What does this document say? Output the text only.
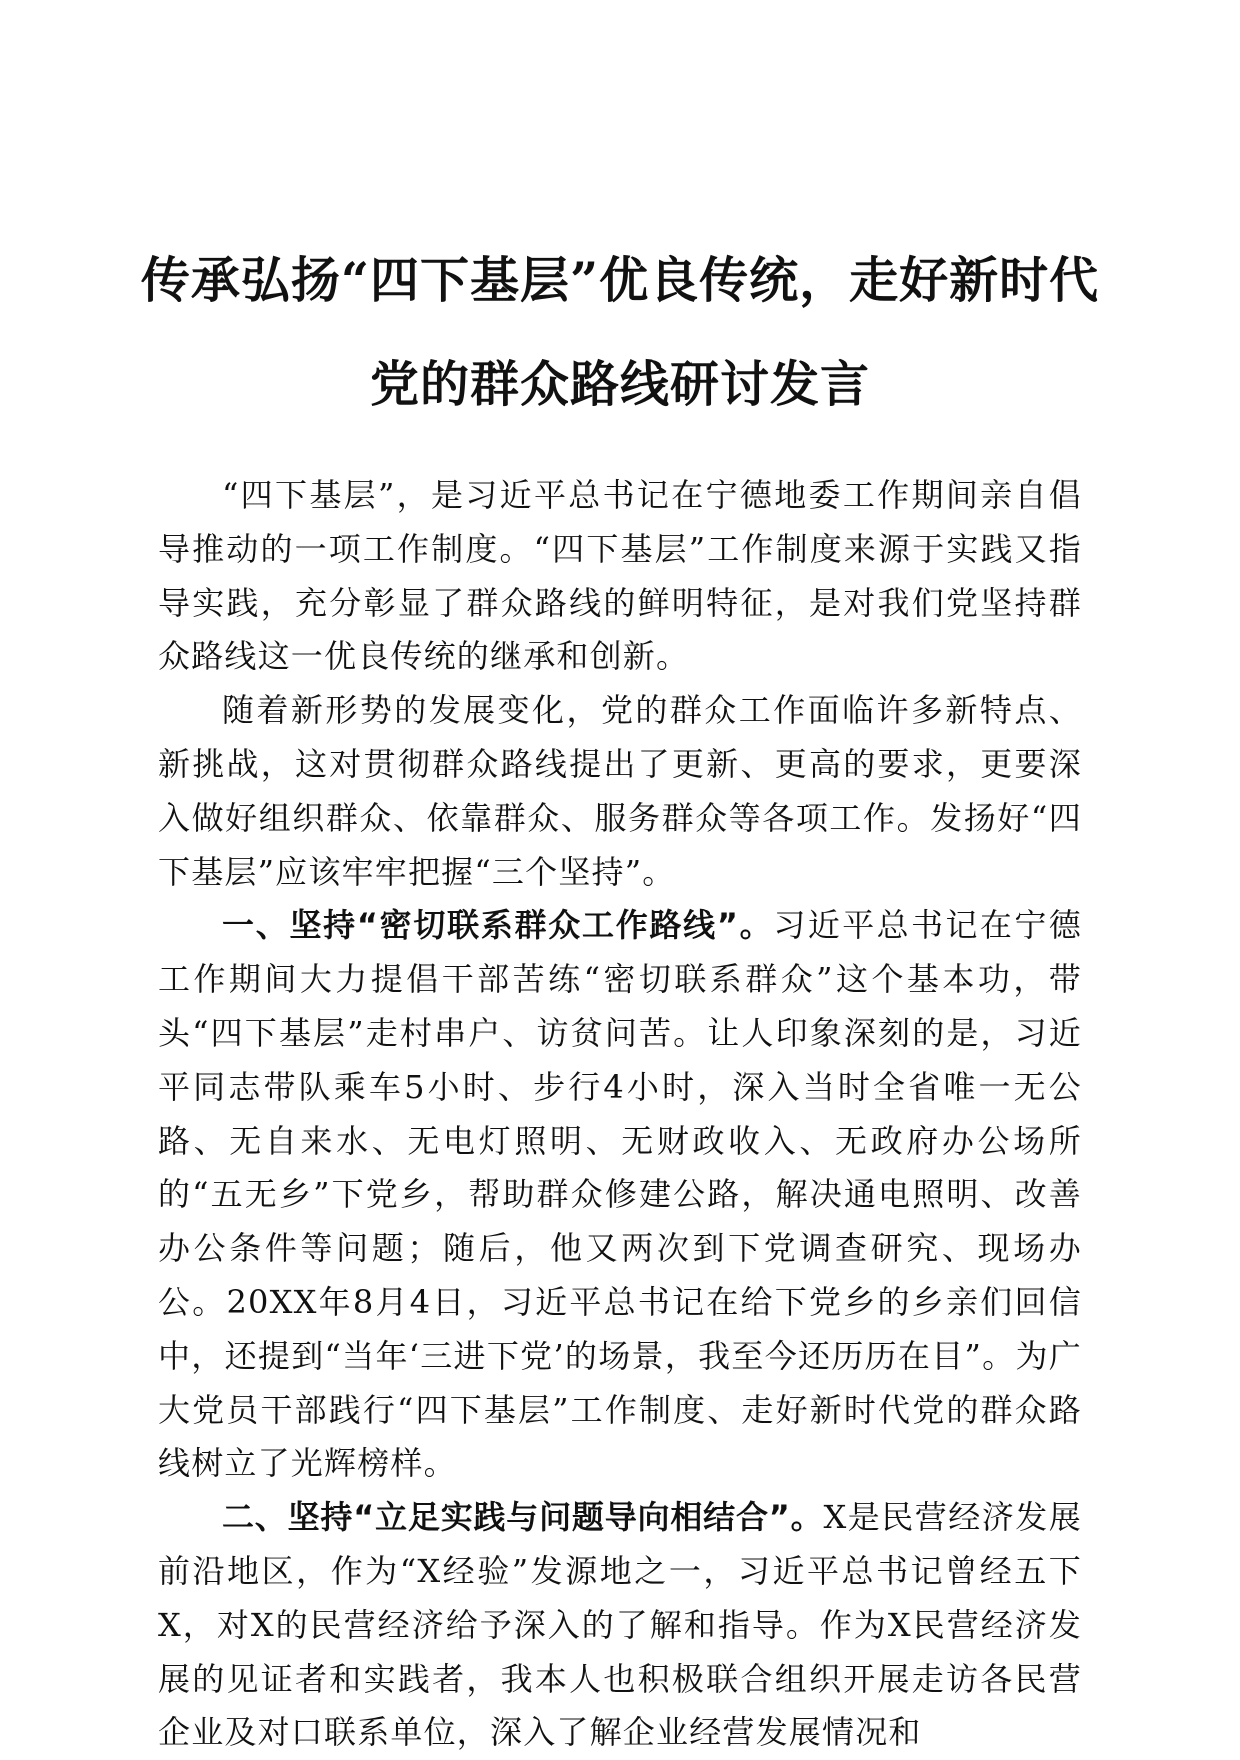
传承弘扬“四下基层”优良传统，走好新时代
党的群众路线研讨发言

“四下基层”，是习近平总书记在宁德地委工作期间亲自倡导推动的一项工作制度。“四下基层”工作制度来源于实践又指导实践，充分彰显了群众路线的鲜明特征，是对我们党坚持群众路线这一优良传统的继承和创新。

随着新形势的发展变化，党的群众工作面临许多新特点、新挑战，这对贯彻群众路线提出了更新、更高的要求，更要深入做好组织群众、依靠群众、服务群众等各项工作。发扬好“四下基层”应该牢牢把握“三个坚持”。

一、坚持“密切联系群众工作路线”。习近平总书记在宁德工作期间大力提倡干部苦练“密切联系群众”这个基本功，带头“四下基层”走村串户、访贫问苦。让人印象深刻的是，习近平同志带队乘车5小时、步行4小时，深入当时全省唯一无公路、无自来水、无电灯照明、无财政收入、无政府办公场所的“五无乡”下党乡，帮助群众修建公路，解决通电照明、改善办公条件等问题；随后，他又两次到下党调查研究、现场办公。20XX年8月4日，习近平总书记在给下党乡的乡亲们回信中，还提到“当年‘三进下党’的场景，我至今还历历在目”。为广大党员干部践行“四下基层”工作制度、走好新时代党的群众路线树立了光辉榜样。

二、坚持“立足实践与问题导向相结合”。X是民营经济发展前沿地区，作为“X经验”发源地之一，习近平总书记曾经五下X，对X的民营经济给予深入的了解和指导。作为X民营经济发展的见证者和实践者，我本人也积极联合组织开展走访各民营企业及对口联系单位，深入了解企业经营发展情况和
